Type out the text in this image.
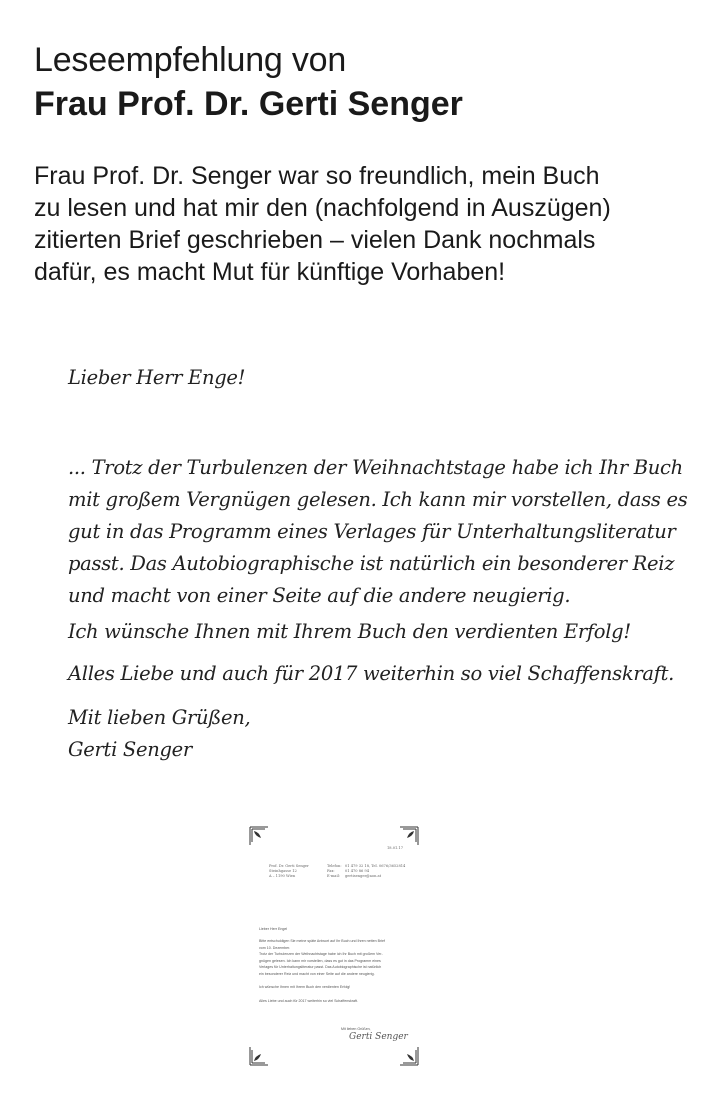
Leseempfehlung von
Frau Prof. Dr. Gerti Senger
Frau Prof. Dr. Senger war so freundlich, mein Buch
zu lesen und hat mir den (nachfolgend in Auszügen)
zitierten Brief geschrieben – vielen Dank nochmals
dafür, es macht Mut für künftige Vorhaben!
Lieber Herr Enge!
... Trotz der Turbulenzen der Weihnachtstage habe ich Ihr Buch
mit großem Vergnügen gelesen. Ich kann mir vorstellen, dass es
gut in das Programm eines Verlages für Unterhaltungsliteratur
passt. Das Autobiographische ist natürlich ein besonderer Reiz
und macht von einer Seite auf die andere neugierig.
Ich wünsche Ihnen mit Ihrem Buch den verdienten Erfolg!
Alles Liebe und auch für 2017 weiterhin so viel Schaffenskraft.
Mit lieben Grüßen,
Gerti Senger
18.01.17
Prof. Dr. Gerti Senger
Steinhgasse 12
A – 1190 Wien
Telefon:
Fax:
E-mail:
01 479 32 18, Tel. 0676/3652814
01 470 86 94
gertisenger@aon.at
Lieber Herr Engel
Bitte entschuldigen Sie meine späte Antwort auf Ihr Buch und Ihren netten Brief
vom 10. Dezember.
Trotz der Turbulenzen der Weihnachtstage habe ich Ihr Buch mit großem Ver-
gnügen gelesen. Ich kann mir vorstellen, dass es gut in das Programm eines
Verlages für Unterhaltungsliteratur passt. Das Autobiographische ist natürlich
ein besonderer Reiz und macht von einer Seite auf die andere neugierig.
Ich wünsche Ihnen mit Ihrem Buch den verdienten Erfolg!
Alles Liebe und auch für 2017 weiterhin so viel Schaffenskraft.
Mit lieben Grüßen,
Gerti Senger
